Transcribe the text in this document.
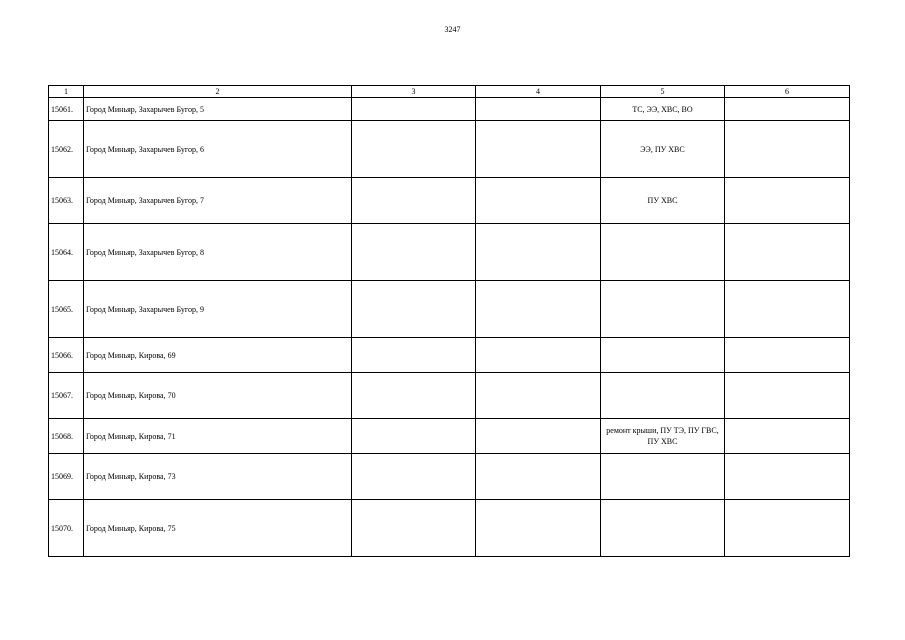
3247
1	2	3	4	5	6
15061.	Город Миньяр, Захарычев Бугор, 5			ТС, ЭЭ, ХВС, ВО	
15062.	Город Миньяр, Захарычев Бугор, 6			ЭЭ, ПУ ХВС	
15063.	Город Миньяр, Захарычев Бугор, 7			ПУ ХВС	
15064.	Город Миньяр, Захарычев Бугор, 8				
15065.	Город Миньяр, Захарычев Бугор, 9				
15066.	Город Миньяр, Кирова, 69				
15067.	Город Миньяр, Кирова, 70				
15068.	Город Миньяр, Кирова, 71			ремонт крыши, ПУ ТЭ, ПУ ГВС, ПУ ХВС	
15069.	Город Миньяр, Кирова, 73				
15070.	Город Миньяр, Кирова, 75				
